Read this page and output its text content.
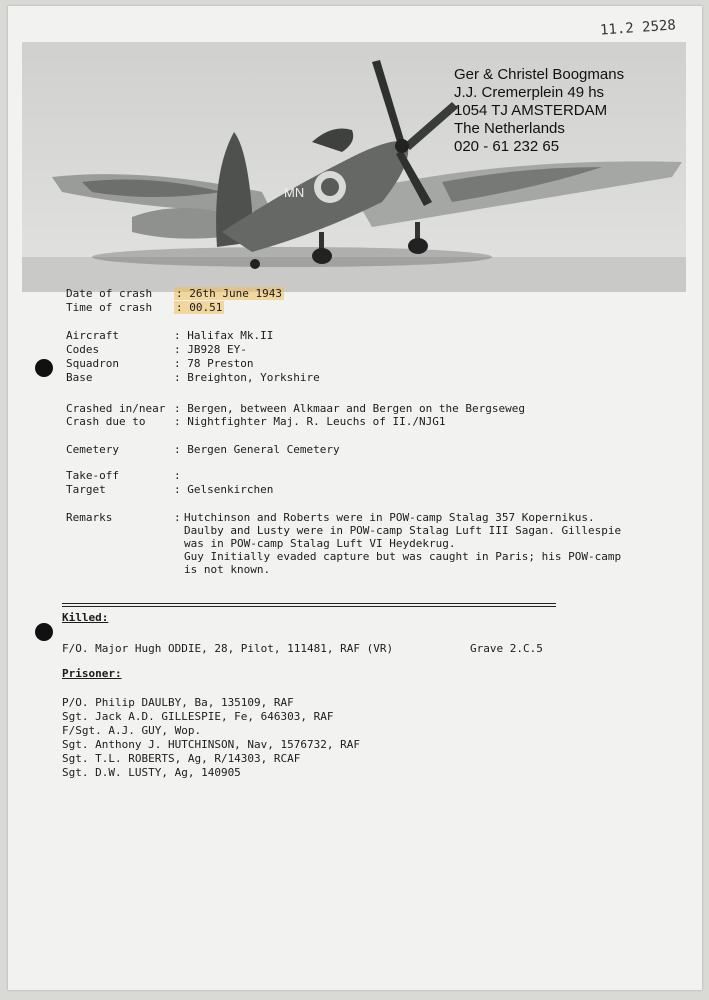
11.2 2528
MN
Ger & Christel Boogmans
J.J. Cremerplein 49 hs
1054 TJ AMSTERDAM
The Netherlands
020 - 61 232 65
Date of crash : 26th June 1943
Time of crash : 00.51
Aircraft	: Halifax Mk.II
Codes	: JB928 EY-
Squadron	: 78 Preston
Base	: Breighton, Yorkshire
Crashed in/near : Bergen, between Alkmaar and Bergen on the Bergseweg
Crash due to	: Nightfighter Maj. R. Leuchs of II./NJG1
Cemetery	: Bergen General Cemetery
Take-off	:
Target	: Gelsenkirchen
Remarks	: Hutchinson and Roberts were in POW-camp Stalag 357 Kopernikus.
Daulby and Lusty were in POW-camp Stalag Luft III Sagan. Gillespie
was in POW-camp Stalag Luft VI Heydekrug.
Guy Initially evaded capture but was caught in Paris; his POW-camp
is not known.
Killed:
F/O. Major Hugh ODDIE, 28, Pilot, 111481, RAF (VR)	Grave 2.C.5
Prisoner:
P/O. Philip DAULBY, Ba, 135109, RAF
Sgt. Jack A.D. GILLESPIE, Fe, 646303, RAF
F/Sgt. A.J. GUY, Wop.
Sgt. Anthony J. HUTCHINSON, Nav, 1576732, RAF
Sgt. T.L. ROBERTS, Ag, R/14303, RCAF
Sgt. D.W. LUSTY, Ag, 140905
